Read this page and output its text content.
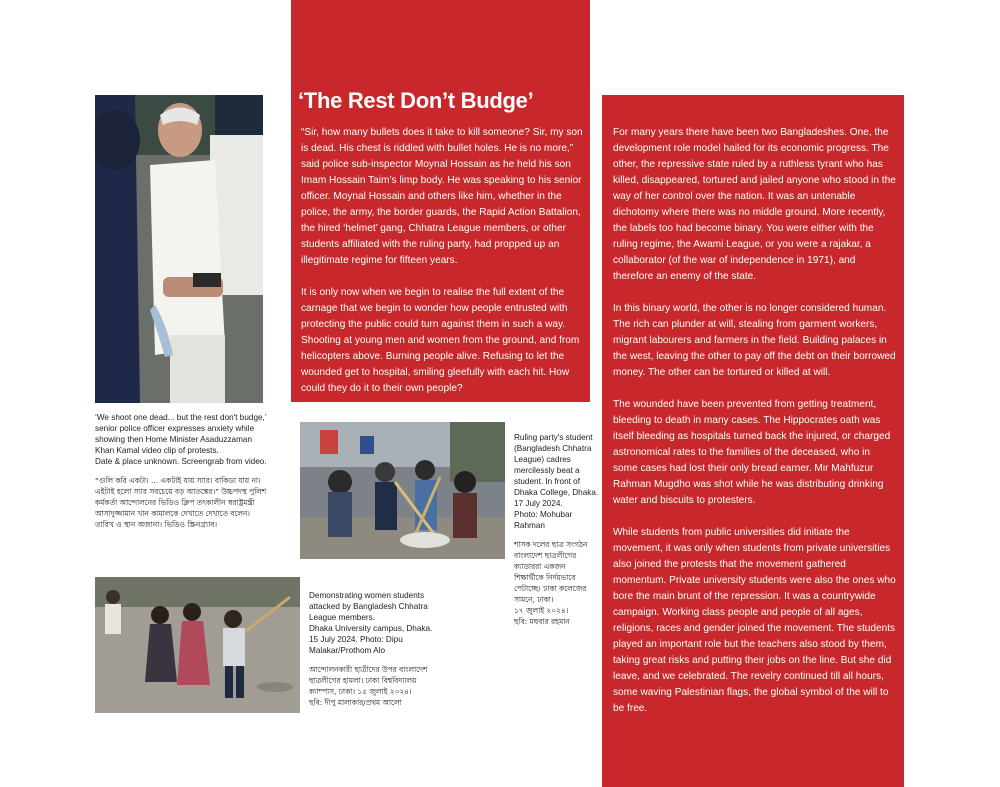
‘The Rest Don’t Budge’

“Sir, how many bullets does it take to kill someone? Sir, my son is dead. His chest is riddled with bullet holes. He is no more,” said police sub-inspector Moynal Hossain as he held his son Imam Hossain Taim’s limp body. He was speaking to his senior officer. Moynal Hossain and others like him, whether in the police, the army, the border guards, the Rapid Action Battalion, the hired ‘helmet’ gang, Chhatra League members, or other students affiliated with the ruling party, had propped up an illegitimate regime for fifteen years.

It is only now when we begin to realise the full extent of the carnage that we begin to wonder how people entrusted with protecting the public could turn against them in such a way. Shooting at young men and women from the ground, and from helicopters above. Burning people alive. Refusing to let the wounded get to hospital, smiling gleefully with each hit. How could they do it to their own people?

For many years there have been two Bangladeshes. One, the development role model hailed for its economic progress. The other, the repressive state ruled by a ruthless tyrant who has killed, disappeared, tortured and jailed anyone who stood in the way of her control over the nation. It was an untenable dichotomy where there was no middle ground. More recently, the labels too had become binary. You were either with the ruling regime, the Awami League, or you were a rajakar, a collaborator (of the war of independence in 1971), and therefore an enemy of the state.

In this binary world, the other is no longer considered human. The rich can plunder at will, stealing from garment workers, migrant labourers and farmers in the field. Building palaces in the west, leaving the other to pay off the debt on their borrowed money. The other can be tortured or killed at will.

The wounded have been prevented from getting treatment, bleeding to death in many cases. The Hippocrates oath was itself bleeding as hospitals turned back the injured, or charged astronomical rates to the families of the deceased, who in some cases had lost their only bread earner. Mir Mahfuzur Rahman Mugdho was shot while he was distributing drinking water and biscuits to protesters.

While students from public universities did initiate the movement, it was only when students from private universities also joined the protests that the movement gathered momentum. Private university students were also the ones who bore the main brunt of the repression. It was a countrywide campaign. Working class people and people of all ages, religions, races and gender joined the movement. The students played an important role but the teachers also stood by them, taking great risks and putting their jobs on the line. But she did leave, and we celebrated. The revelry continued till all hours, some waving Palestinian flags, the global symbol of the will to be free.

‘We shoot one dead... but the rest don't budge,’
senior police officer expresses anxiety while
showing then Home Minister Asaduzzaman
Khan Kamal video clip of protests.
Date & place unknown. Screengrab from video.
“গুলি করি একটা। ... একটাই যায় স্যার। বাকিডা যায় না।
এইটাই হলো স্যার সবচেয়ে বড় আতঙ্কের।” উচ্চপদস্থ পুলিশ
কর্মকর্তা আন্দোলনের ভিডিও ক্লিপ তৎকালীন স্বরাষ্ট্রমন্ত্রী
আসাদুজ্জামান খান কামালকে দেখাতে দেখাতে বলেন।
তারিখ ও স্থান অজানা। ভিডিও স্ক্রিনগ্র্যাব।
Ruling party's student
(Bangladesh Chhatra
League) cadres
mercilessly beat a
student. In front of
Dhaka College, Dhaka.
17 July 2024.
Photo: Mohubar Rahman
শাসক দলের ছাত্র সংগঠন
বাংলাদেশ ছাত্রলীগের
ক্যাডাররা একজন
শিক্ষার্থীকে নির্দয়ভাবে
পেটাচ্ছে। ঢাকা কলেজের
সামনে, ঢাকা।
১৭ জুলাই ২০২৪।
ছবি: মহুবার রহমান
Demonstrating women students
attacked by Bangladesh Chhatra
League members.
Dhaka University campus, Dhaka.
15 July 2024. Photo: Dipu
Malakar/Prothom Alo
আন্দোলনকারী ছাত্রীদের উপর বাংলাদেশ
ছাত্রলীগের হামলা। ঢাকা বিশ্ববিদ্যালয়
ক্যাম্পাস, ঢাকা। ১৫ জুলাই ২০২৪।
ছবি: দীপু মালাকার/প্রথম আলো
